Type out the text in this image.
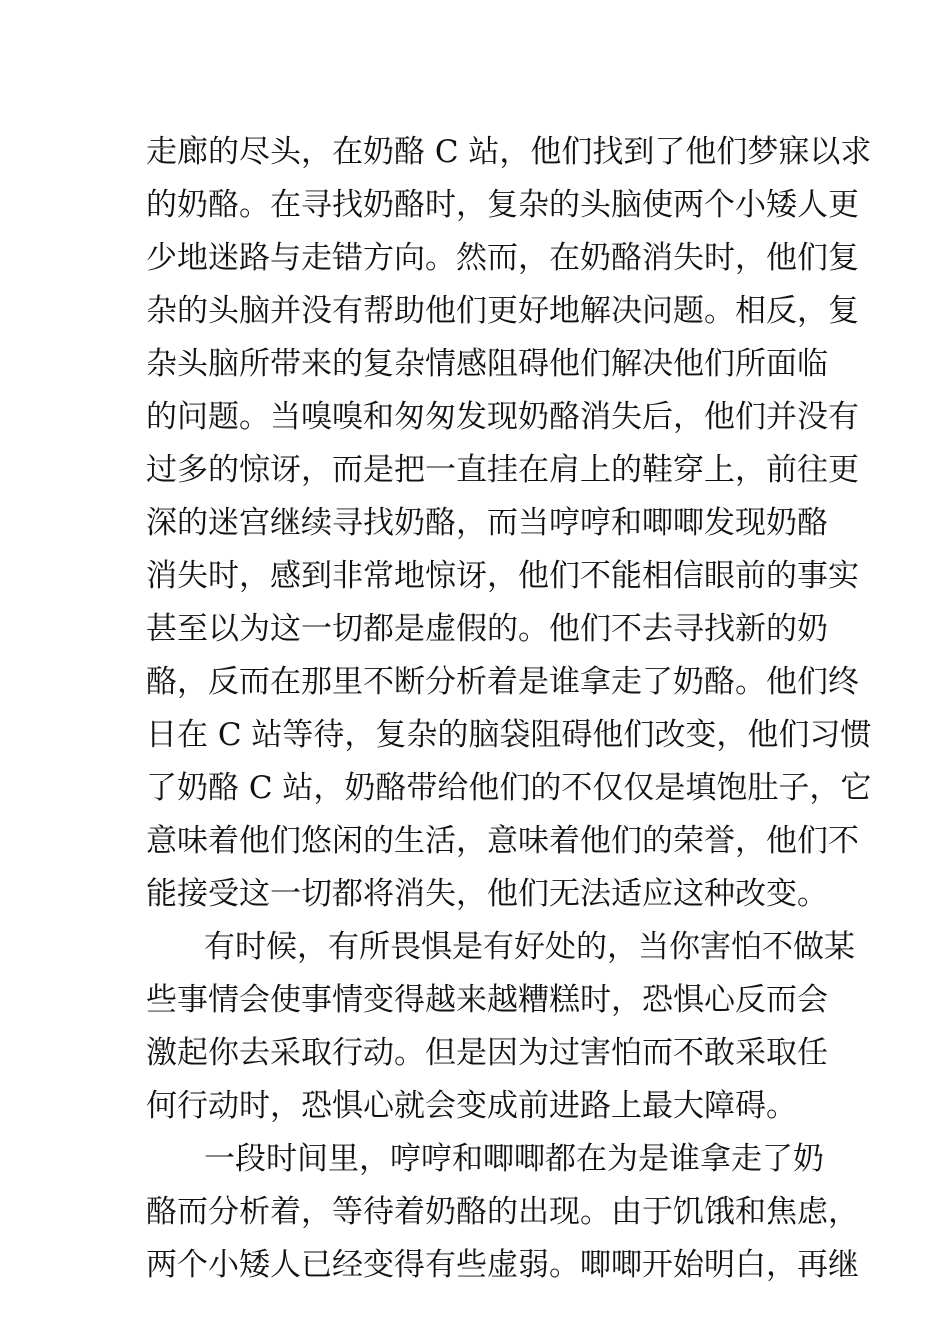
走廊的尽头，在奶酪 C 站，他们找到了他们梦寐以求
的奶酪。在寻找奶酪时，复杂的头脑使两个小矮人更
少地迷路与走错方向。然而，在奶酪消失时，他们复
杂的头脑并没有帮助他们更好地解决问题。相反，复
杂头脑所带来的复杂情感阻碍他们解决他们所面临
的问题。当嗅嗅和匆匆发现奶酪消失后，他们并没有
过多的惊讶，而是把一直挂在肩上的鞋穿上，前往更
深的迷宫继续寻找奶酪，而当哼哼和唧唧发现奶酪
消失时，感到非常地惊讶，他们不能相信眼前的事实
甚至以为这一切都是虚假的。他们不去寻找新的奶
酪，反而在那里不断分析着是谁拿走了奶酪。他们终
日在 C 站等待，复杂的脑袋阻碍他们改变，他们习惯
了奶酪 C 站，奶酪带给他们的不仅仅是填饱肚子，它
意味着他们悠闲的生活，意味着他们的荣誉，他们不
能接受这一切都将消失，他们无法适应这种改变。
有时候，有所畏惧是有好处的，当你害怕不做某
些事情会使事情变得越来越糟糕时，恐惧心反而会
激起你去采取行动。但是因为过害怕而不敢采取任
何行动时，恐惧心就会变成前进路上最大障碍。
一段时间里，哼哼和唧唧都在为是谁拿走了奶
酪而分析着，等待着奶酪的出现。由于饥饿和焦虑，
两个小矮人已经变得有些虚弱。唧唧开始明白，再继
